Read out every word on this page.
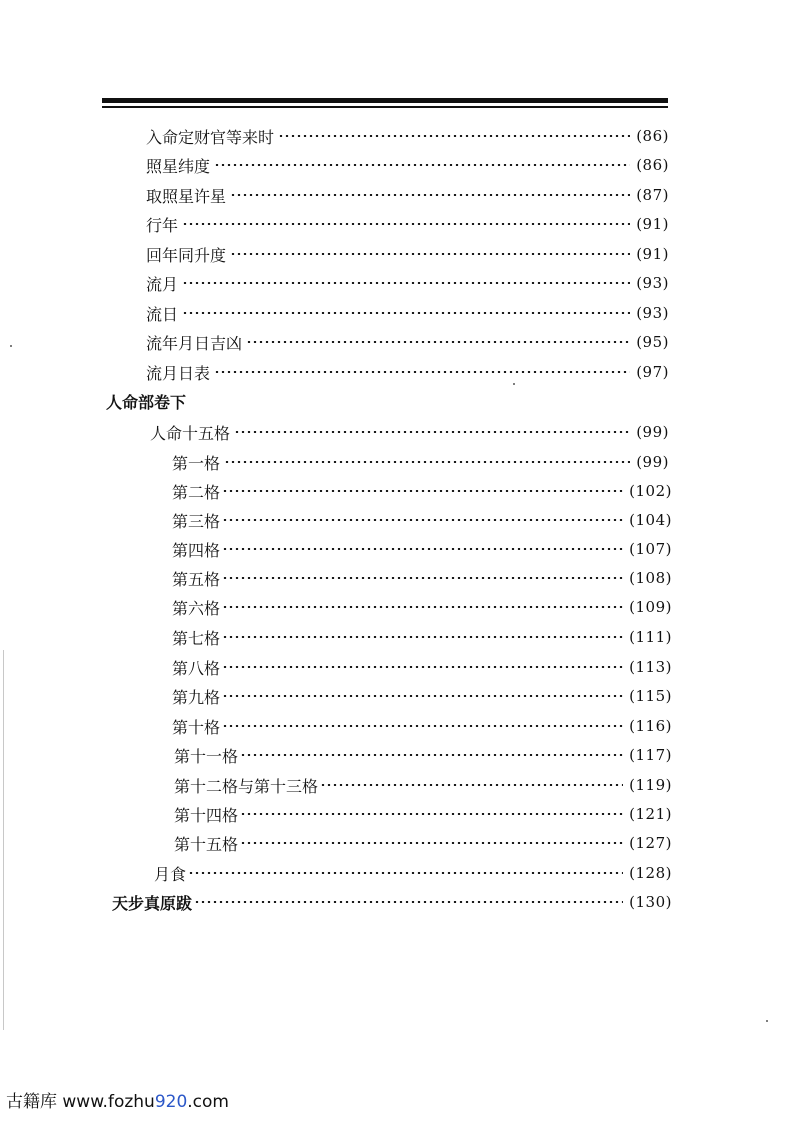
入命定财官等来时	(86)
照星纬度	(86)
取照星许星	(87)
行年	(91)
回年同升度	(91)
流月	(93)
流日	(93)
流年月日吉凶	(95)
流月日表	(97)
人命部卷下
人命十五格	(99)
第一格	(99)
第二格	(102)
第三格	(104)
第四格	(107)
第五格	(108)
第六格	(109)
第七格	(111)
第八格	(113)
第九格	(115)
第十格	(116)
第十一格	(117)
第十二格与第十三格	(119)
第十四格	(121)
第十五格	(127)
月食	(128)
天步真原跋	(130)
古籍库 www.fozhu920.com
